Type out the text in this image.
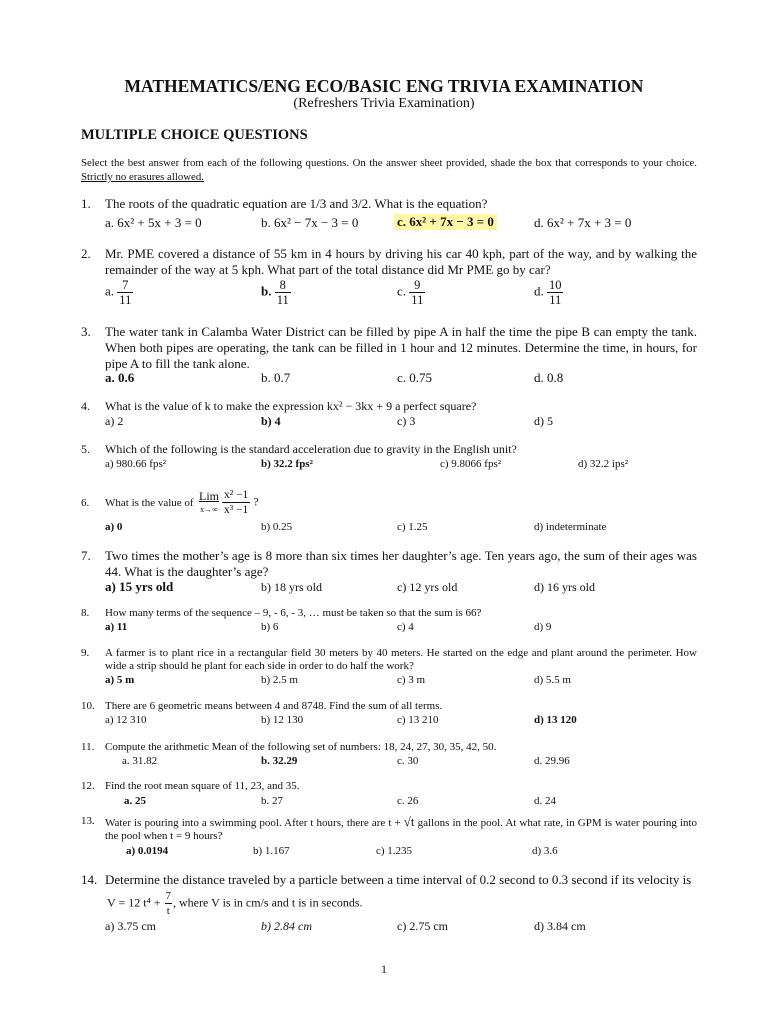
MATHEMATICS/ENG ECO/BASIC ENG TRIVIA EXAMINATION
(Refreshers Trivia Examination)
MULTIPLE CHOICE QUESTIONS
Select the best answer from each of the following questions. On the answer sheet provided, shade the box that corresponds to your choice. Strictly no erasures allowed.
1. The roots of the quadratic equation are 1/3 and 3/2. What is the equation?
a. 6x² + 5x + 3 = 0	b. 6x² − 7x − 3 = 0	c. 6x² + 7x − 3 = 0	d. 6x² + 7x + 3 = 0
2. Mr. PME covered a distance of 55 km in 4 hours by driving his car 40 kph, part of the way, and by walking the remainder of the way at 5 kph. What part of the total distance did Mr PME go by car?
a. $\frac{7}{11}$	b. $\frac{8}{11}$	c. $\frac{9}{11}$	d. $\frac{10}{11}$
3. The water tank in Calamba Water District can be filled by pipe A in half the time the pipe B can empty the tank. When both pipes are operating, the tank can be filled in 1 hour and 12 minutes. Determine the time, in hours, for pipe A to fill the tank alone.
a. 0.6	b. 0.7	c. 0.75	d. 0.8
4. What is the value of k to make the expression kx² − 3kx + 9 a perfect square?
a) 2	b) 4	c) 3	d) 5
5. Which of the following is the standard acceleration due to gravity in the English unit?
a) 980.66 fps²	b) 32.2 fps²	c) 9.8066 fps²	d) 32.2 ips²
6. What is the value of
Lim
x→∞
$\frac{\text{x² −1}}{\text{x³ −1}}$ ?
a) 0	b) 0.25	c) 1.25	d) indeterminate
7. Two times the mother’s age is 8 more than six times her daughter’s age. Ten years ago, the sum of their ages was 44. What is the daughter’s age?
a) 15 yrs old	b) 18 yrs old	c) 12 yrs old	d) 16 yrs old
8. How many terms of the sequence – 9, - 6, - 3, … must be taken so that the sum is 66?
a) 11	b) 6	c) 4	d) 9
9. A farmer is to plant rice in a rectangular field 30 meters by 40 meters. He started on the edge and plant around the perimeter. How wide a strip should he plant for each side in order to do half the work?
a) 5 m	b) 2.5 m	c) 3 m	d) 5.5 m
10. There are 6 geometric means between 4 and 8748. Find the sum of all terms.
a) 12 310	b) 12 130	c) 13 210	d) 13 120
11. Compute the arithmetic Mean of the following set of numbers: 18, 24, 27, 30, 35, 42, 50.
a. 31.82	b. 32.29	c. 30	d. 29.96
12. Find the root mean square of 11, 23, and 35.
a. 25	b. 27	c. 26	d. 24
13. Water is pouring into a swimming pool. After t hours, there are t + √t gallons in the pool. At what rate, in GPM is water pouring into the pool when t = 9 hours?
a) 0.0194	b) 1.167	c) 1.235	d) 3.6
14. Determine the distance traveled by a particle between a time interval of 0.2 second to 0.3 second if its velocity is
V = 12 $t^4 + \frac{7}{t}$ , where V is in cm/s and t is in seconds.
a) 3.75 cm	b) 2.84 cm	c) 2.75 cm	d) 3.84 cm
1
